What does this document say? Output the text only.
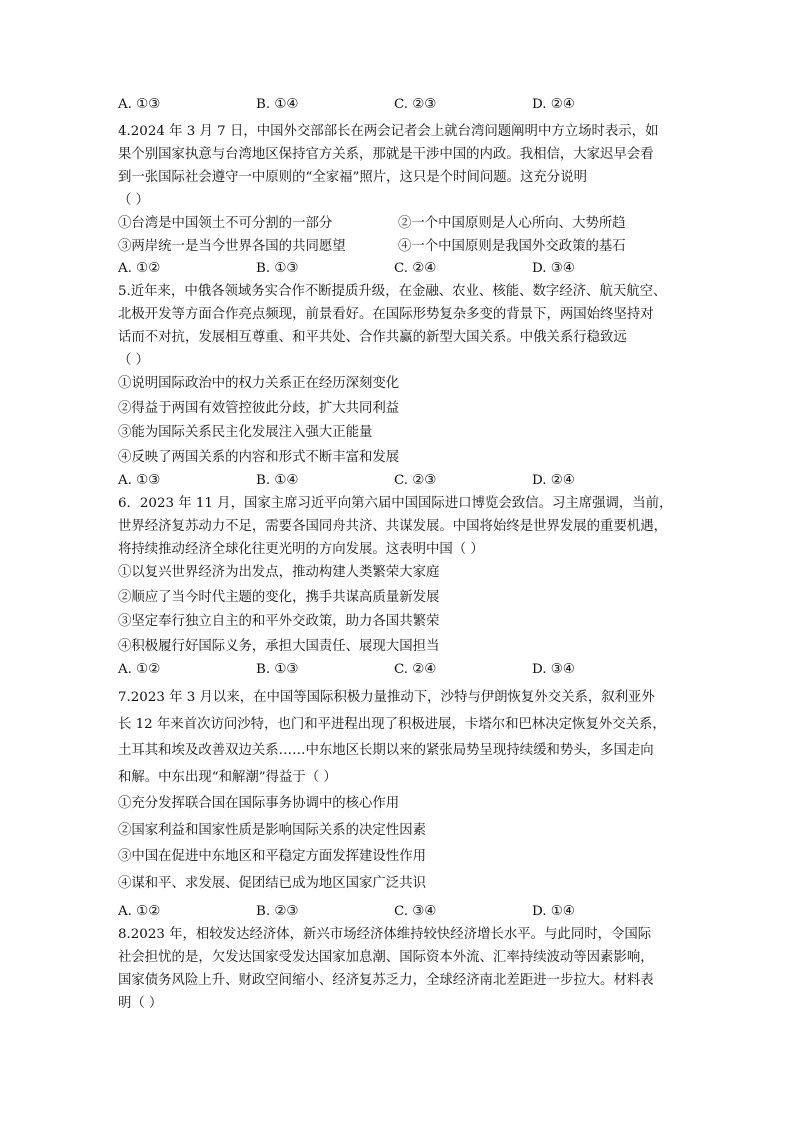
A. ①③	B. ①④	C. ②③	D. ②④
4.2024 年 3 月 7 日，中国外交部部长在两会记者会上就台湾问题阐明中方立场时表示，如
果个别国家执意与台湾地区保持官方关系，那就是干涉中国的内政。我相信，大家迟早会看
到一张国际社会遵守一中原则的“全家福”照片，这只是个时间问题。这充分说明
（ ）
①台湾是中国领土不可分割的一部分	②一个中国原则是人心所向、大势所趋
③两岸统一是当今世界各国的共同愿望	④一个中国原则是我国外交政策的基石
A. ①②	B. ①③	C. ②④	D. ③④
5.近年来，中俄各领域务实合作不断提质升级，在金融、农业、核能、数字经济、航天航空、
北极开发等方面合作亮点频现，前景看好。在国际形势复杂多变的背景下，两国始终坚持对
话而不对抗，发展相互尊重、和平共处、合作共赢的新型大国关系。中俄关系行稳致远
（ ）
①说明国际政治中的权力关系正在经历深刻变化
②得益于两国有效管控彼此分歧，扩大共同利益
③能为国际关系民主化发展注入强大正能量
④反映了两国关系的内容和形式不断丰富和发展
A. ①③	B. ①④	C. ②③	D. ②④
6．2023 年 11 月，国家主席习近平向第六届中国国际进口博览会致信。习主席强调，当前，
世界经济复苏动力不足，需要各国同舟共济、共谋发展。中国将始终是世界发展的重要机遇，
将持续推动经济全球化往更光明的方向发展。这表明中国（ ）
①以复兴世界经济为出发点，推动构建人类繁荣大家庭
②顺应了当今时代主题的变化，携手共谋高质量新发展
③坚定奉行独立自主的和平外交政策，助力各国共繁荣
④积极履行好国际义务，承担大国责任、展现大国担当
A. ①②	B. ①③	C. ②④	D. ③④
7.2023 年 3 月以来，在中国等国际积极力量推动下，沙特与伊朗恢复外交关系，叙利亚外
长 12 年来首次访问沙特，也门和平进程出现了积极进展，卡塔尔和巴林决定恢复外交关系，
土耳其和埃及改善双边关系……中东地区长期以来的紧张局势呈现持续缓和势头，多国走向
和解。中东出现“和解潮”得益于（ ）
①充分发挥联合国在国际事务协调中的核心作用
②国家利益和国家性质是影响国际关系的决定性因素
③中国在促进中东地区和平稳定方面发挥建设性作用
④谋和平、求发展、促团结已成为地区国家广泛共识
A. ①②	B. ②③	C. ③④	D. ①④
8.2023 年，相较发达经济体，新兴市场经济体维持较快经济增长水平。与此同时，令国际
社会担忧的是，欠发达国家受发达国家加息潮、国际资本外流、汇率持续波动等因素影响，
国家债务风险上升、财政空间缩小、经济复苏乏力，全球经济南北差距进一步拉大。材料表
明（ ）
